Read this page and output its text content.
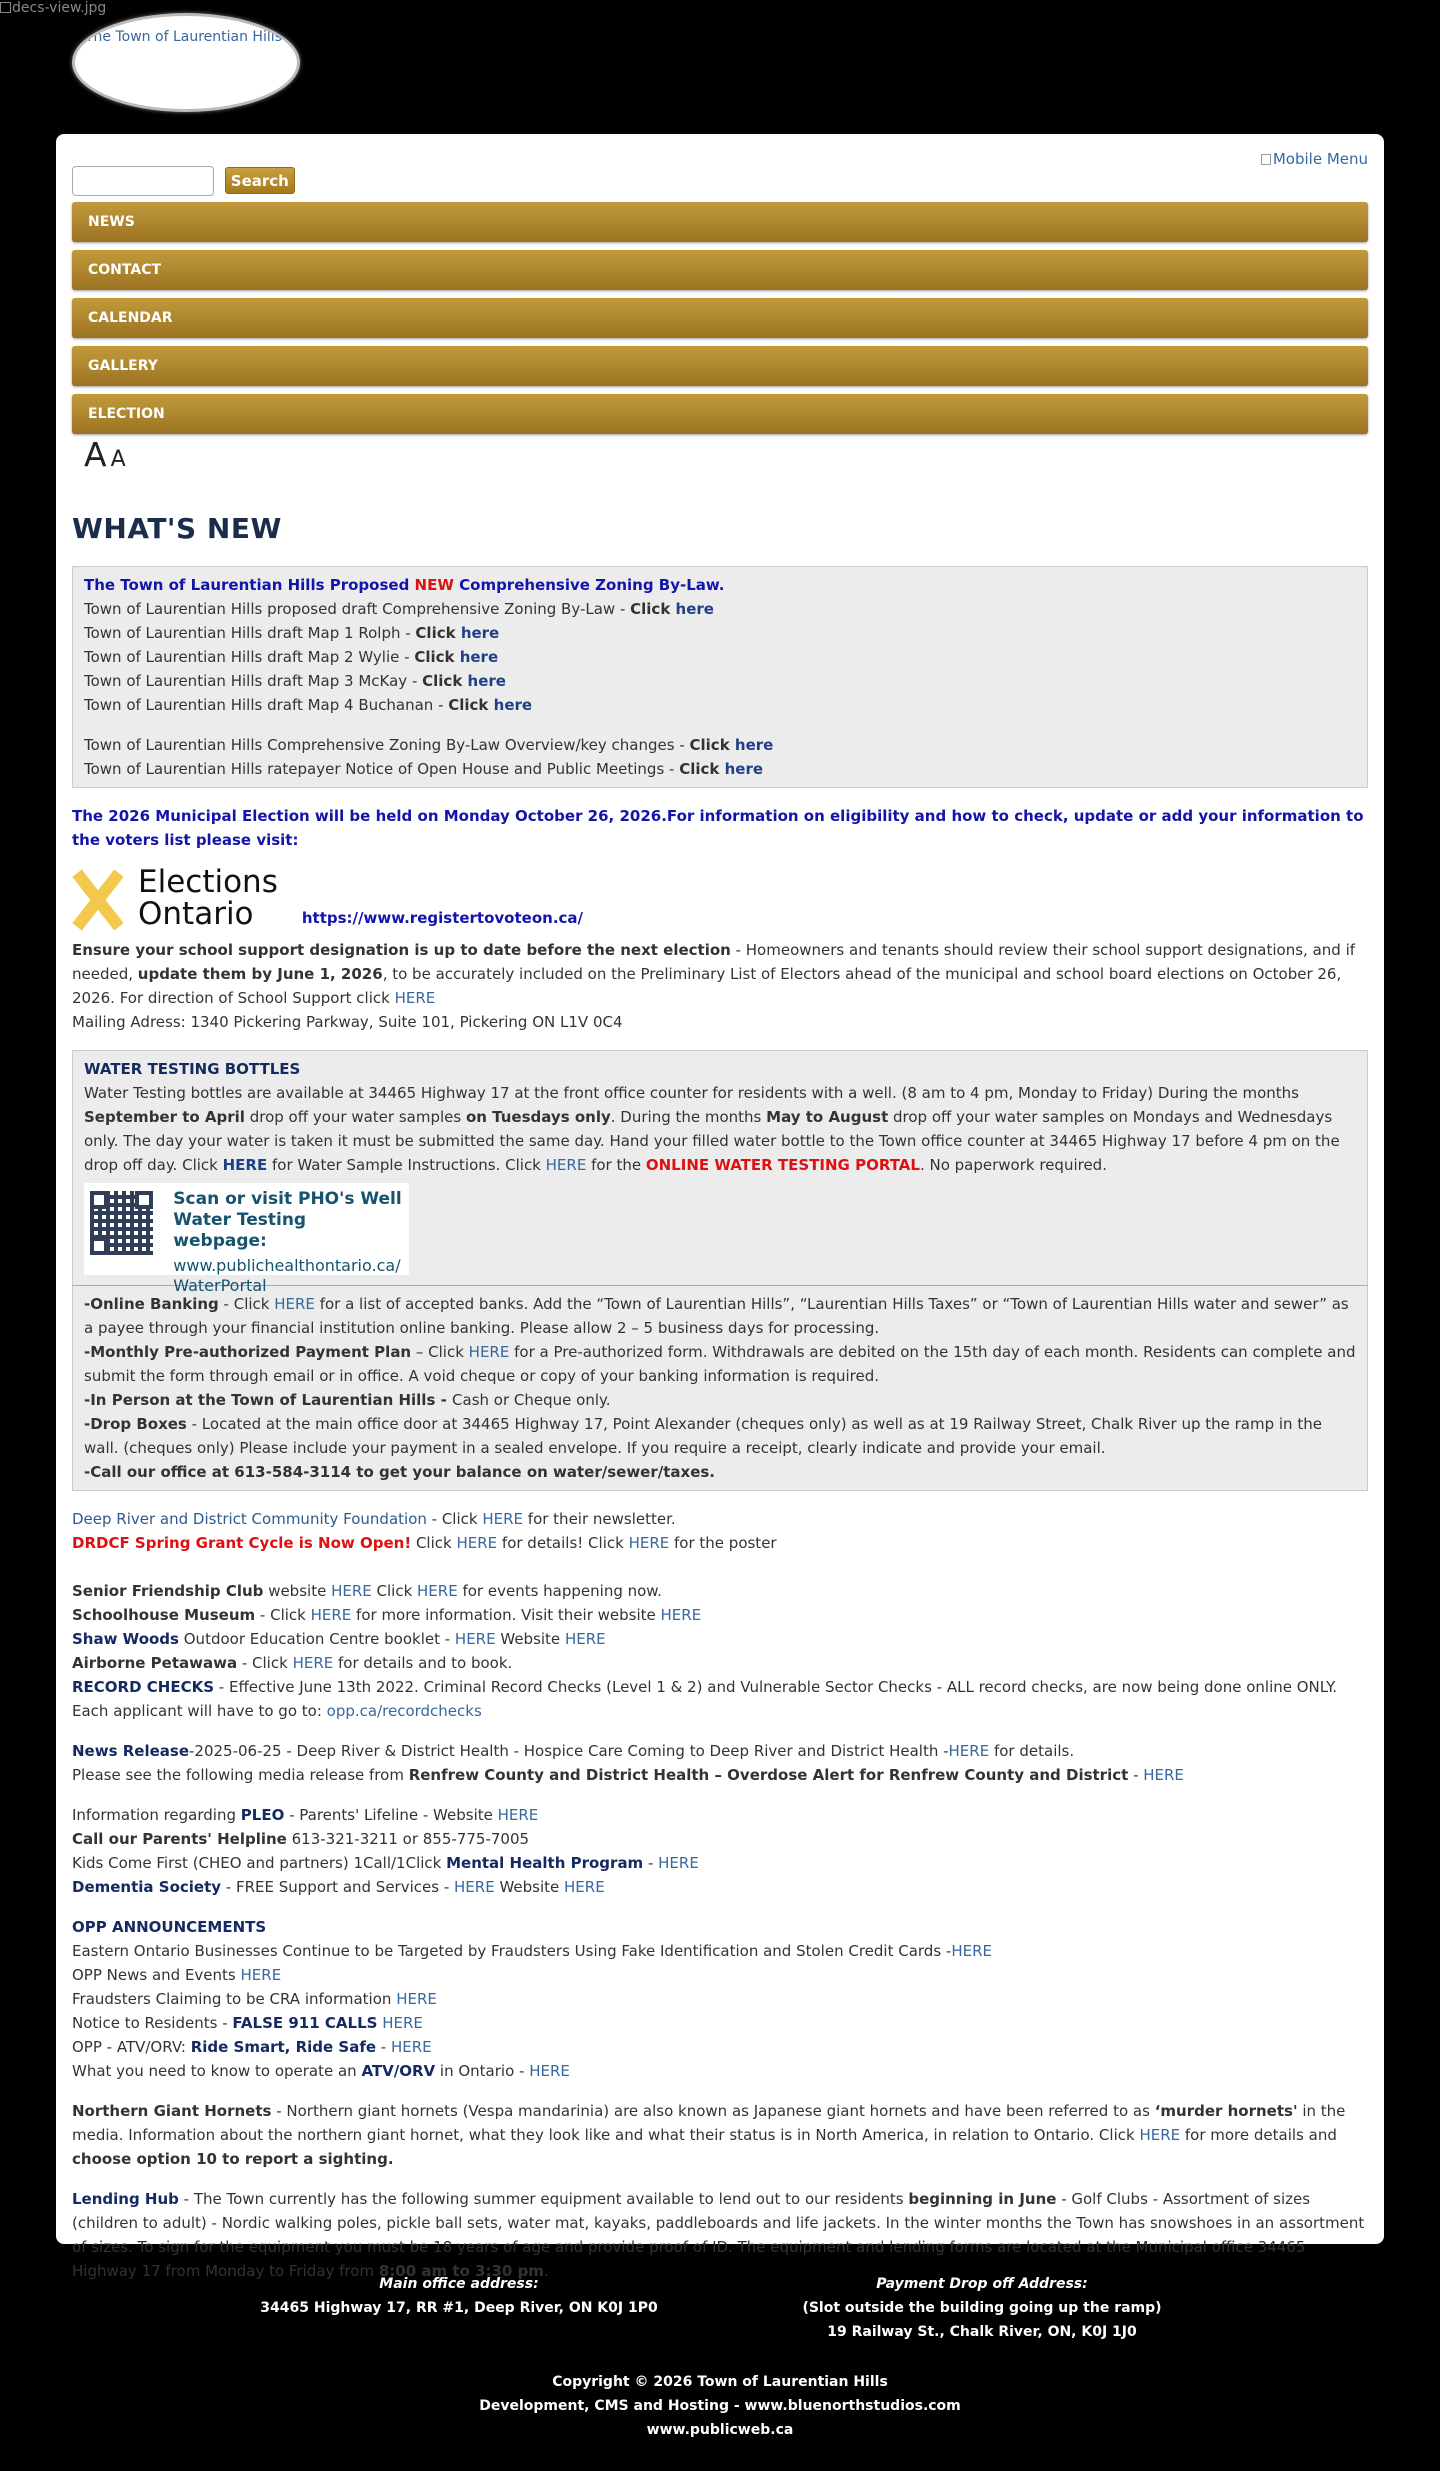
decs-view.jpg
The Town of Laurentian Hills
Mobile Menu
Search
NEWS
CONTACT
CALENDAR
GALLERY
ELECTION
A A
WHAT'S NEW

The Town of Laurentian Hills Proposed NEW Comprehensive Zoning By-Law.

Town of Laurentian Hills proposed draft Comprehensive Zoning By-Law - Click here

Town of Laurentian Hills draft Map 1 Rolph - Click here

Town of Laurentian Hills draft Map 2 Wylie - Click here

Town of Laurentian Hills draft Map 3 McKay - Click here

Town of Laurentian Hills draft Map 4 Buchanan - Click here

Town of Laurentian Hills Comprehensive Zoning By-Law Overview/key changes - Click here

Town of Laurentian Hills ratepayer Notice of Open House and Public Meetings - Click here

The 2026 Municipal Election will be held on Monday October 26, 2026.For information on eligibility and how to check, update or add your information to the voters list please visit:

Elections
Ontario	https://www.registertovoteon.ca/

Ensure your school support designation is up to date before the next election - Homeowners and tenants should review their school support designations, and if needed, update them by June 1, 2026, to be accurately included on the Preliminary List of Electors ahead of the municipal and school board elections on October 26, 2026. For direction of School Support click HERE

Mailing Adress: 1340 Pickering Parkway, Suite 101, Pickering ON L1V 0C4

WATER TESTING BOTTLES

Water Testing bottles are available at 34465 Highway 17 at the front office counter for residents with a well. (8 am to 4 pm, Monday to Friday) During the months September to April drop off your water samples on Tuesdays only. During the months May to August drop off your water samples on Mondays and Wednesdays only. The day your water is taken it must be submitted the same day. Hand your filled water bottle to the Town office counter at 34465 Highway 17 before 4 pm on the drop off day. Click HERE for Water Sample Instructions. Click HERE for the ONLINE WATER TESTING PORTAL. No paperwork required.

Scan or visit PHO's Well
Water Testing webpage:
www.publichealthontario.ca/
WaterPortal

-Online Banking - Click HERE for a list of accepted banks. Add the “Town of Laurentian Hills”, “Laurentian Hills Taxes” or “Town of Laurentian Hills water and sewer” as a payee through your financial institution online banking. Please allow 2 – 5 business days for processing.

-Monthly Pre-authorized Payment Plan – Click HERE for a Pre-authorized form. Withdrawals are debited on the 15th day of each month. Residents can complete and submit the form through email or in office. A void cheque or copy of your banking information is required.

-In Person at the Town of Laurentian Hills - Cash or Cheque only.

-Drop Boxes - Located at the main office door at 34465 Highway 17, Point Alexander (cheques only) as well as at 19 Railway Street, Chalk River up the ramp in the wall. (cheques only) Please include your payment in a sealed envelope. If you require a receipt, clearly indicate and provide your email.

-Call our office at 613-584-3114 to get your balance on water/sewer/taxes.

Deep River and District Community Foundation - Click HERE for their newsletter.

DRDCF Spring Grant Cycle is Now Open! Click HERE for details! Click HERE for the poster

Senior Friendship Club website HERE Click HERE for events happening now.

Schoolhouse Museum - Click HERE for more information. Visit their website HERE

Shaw Woods Outdoor Education Centre booklet - HERE Website HERE

Airborne Petawawa - Click HERE for details and to book.

RECORD CHECKS - Effective June 13th 2022. Criminal Record Checks (Level 1 & 2) and Vulnerable Sector Checks - ALL record checks, are now being done online ONLY. Each applicant will have to go to: opp.ca/recordchecks

News Release-2025-06-25 - Deep River & District Health - Hospice Care Coming to Deep River and District Health -HERE for details.

Please see the following media release from Renfrew County and District Health – Overdose Alert for Renfrew County and District - HERE

Information regarding PLEO - Parents' Lifeline - Website HERE

Call our Parents' Helpline 613-321-3211 or 855-775-7005

Kids Come First (CHEO and partners) 1Call/1Click Mental Health Program - HERE

Dementia Society - FREE Support and Services - HERE Website HERE

OPP ANNOUNCEMENTS

Eastern Ontario Businesses Continue to be Targeted by Fraudsters Using Fake Identification and Stolen Credit Cards -HERE

OPP News and Events HERE

Fraudsters Claiming to be CRA information HERE

Notice to Residents - FALSE 911 CALLS HERE

OPP - ATV/ORV: Ride Smart, Ride Safe - HERE

What you need to know to operate an ATV/ORV in Ontario - HERE

Northern Giant Hornets - Northern giant hornets (Vespa mandarinia) are also known as Japanese giant hornets and have been referred to as ‘murder hornets' in the media. Information about the northern giant hornet, what they look like and what their status is in North America, in relation to Ontario. Click HERE for more details and choose option 10 to report a sighting.

Lending Hub - The Town currently has the following summer equipment available to lend out to our residents beginning in June - Golf Clubs - Assortment of sizes (children to adult) - Nordic walking poles, pickle ball sets, water mat, kayaks, paddleboards and life jackets. In the winter months the Town has snowshoes in an assortment of sizes. To sign for the equipment you must be 18 years of age and provide proof of ID. The equipment and lending forms are located at the Municipal office 34465 Highway 17 from Monday to Friday from 8:00 am to 3:30 pm.

Main office address:
34465 Highway 17, RR #1, Deep River, ON K0J 1P0
Payment Drop off Address:
(Slot outside the building going up the ramp)
19 Railway St., Chalk River, ON, K0J 1J0
Copyright © 2026 Town of Laurentian Hills
Development, CMS and Hosting - www.bluenorthstudios.com
www.publicweb.ca
